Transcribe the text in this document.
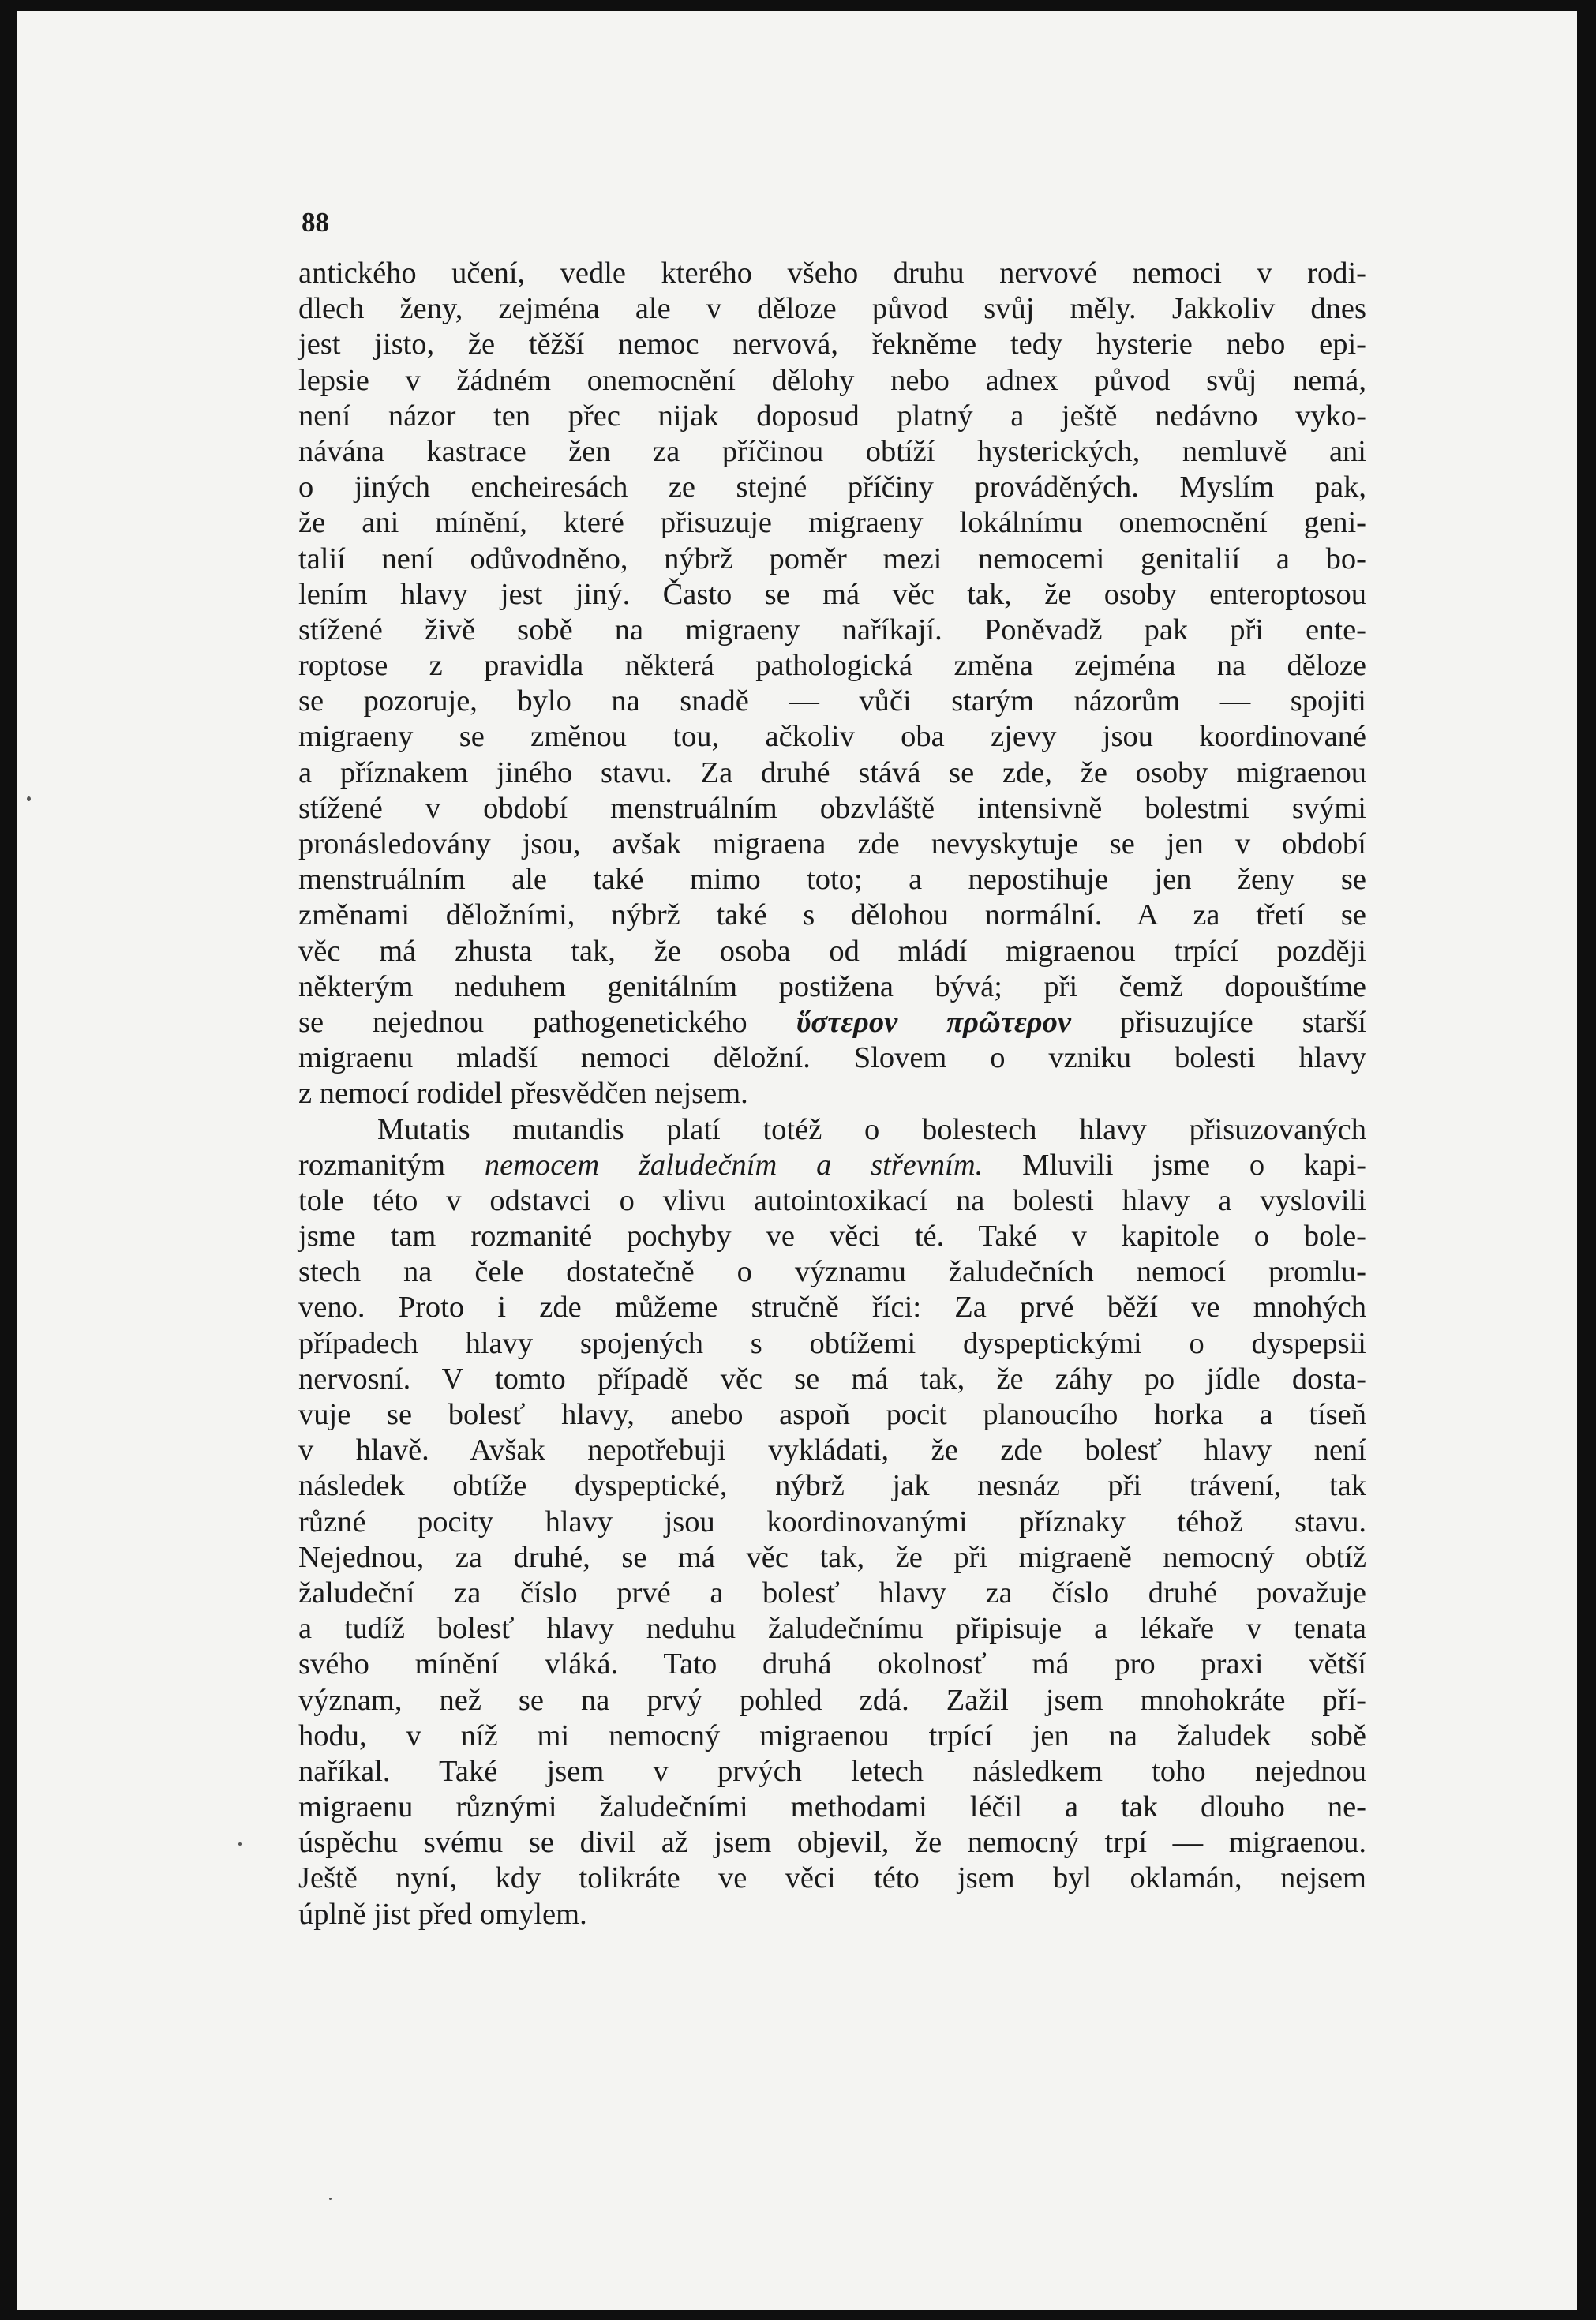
88

antického učení, vedle kterého všeho druhu nervové nemoci v rodi-
dlech ženy, zejména ale v děloze původ svůj měly. Jakkoliv dnes
jest jisto, že těžší nemoc nervová, řekněme tedy hysterie nebo epi-
lepsie v žádném onemocnění dělohy nebo adnex původ svůj nemá,
není názor ten přec nijak doposud platný a ještě nedávno vyko-
návána kastrace žen za příčinou obtíží hysterických, nemluvě ani
o jiných encheiresách ze stejné příčiny prováděných. Myslím pak,
že ani mínění, které přisuzuje migraeny lokálnímu onemocnění geni-
talií není odůvodněno, nýbrž poměr mezi nemocemi genitalií a bo-
lením hlavy jest jiný. Často se má věc tak, že osoby enteroptosou
stížené živě sobě na migraeny naříkají. Poněvadž pak při ente-
roptose z pravidla některá pathologická změna zejména na děloze
se pozoruje, bylo na snadě — vůči starým názorům — spojiti
migraeny se změnou tou, ačkoliv oba zjevy jsou koordinované
a příznakem jiného stavu. Za druhé stává se zde, že osoby migraenou
stížené v období menstruálním obzvláště intensivně bolestmi svými
pronásledovány jsou, avšak migraena zde nevyskytuje se jen v období
menstruálním ale také mimo toto; a nepostihuje jen ženy se
změnami děložními, nýbrž také s dělohou normální. A za třetí se
věc má zhusta tak, že osoba od mládí migraenou trpící později
některým neduhem genitálním postižena bývá; při čemž dopouštíme
se nejednou pathogenetického ὕστερον πρῶτερον přisuzujíce starší
migraenu mladší nemoci děložní. Slovem o vzniku bolesti hlavy
z nemocí rodidel přesvědčen nejsem.
Mutatis mutandis platí totéž o bolestech hlavy přisuzovaných
rozmanitým nemocem žaludečním a střevním. Mluvili jsme o kapi-
tole této v odstavci o vlivu autointoxikací na bolesti hlavy a vyslovili
jsme tam rozmanité pochyby ve věci té. Také v kapitole o bole-
stech na čele dostatečně o významu žaludečních nemocí promlu-
veno. Proto i zde můžeme stručně říci: Za prvé běží ve mnohých
případech hlavy spojených s obtížemi dyspeptickými o dyspepsii
nervosní. V tomto případě věc se má tak, že záhy po jídle dosta-
vuje se bolesť hlavy, anebo aspoň pocit planoucího horka a tíseň
v hlavě. Avšak nepotřebuji vykládati, že zde bolesť hlavy není
následek obtíže dyspeptické, nýbrž jak nesnáz při trávení, tak
různé pocity hlavy jsou koordinovanými příznaky téhož stavu.
Nejednou, za druhé, se má věc tak, že při migraeně nemocný obtíž
žaludeční za číslo prvé a bolesť hlavy za číslo druhé považuje
a tudíž bolesť hlavy neduhu žaludečnímu připisuje a lékaře v tenata
svého mínění vláká. Tato druhá okolnosť má pro praxi větší
význam, než se na prvý pohled zdá. Zažil jsem mnohokráte pří-
hodu, v níž mi nemocný migraenou trpící jen na žaludek sobě
naříkal. Také jsem v prvých letech následkem toho nejednou
migraenu různými žaludečními methodami léčil a tak dlouho ne-
úspěchu svému se divil až jsem objevil, že nemocný trpí — migraenou.
Ještě nyní, kdy tolikráte ve věci této jsem byl oklamán, nejsem
úplně jist před omylem.
